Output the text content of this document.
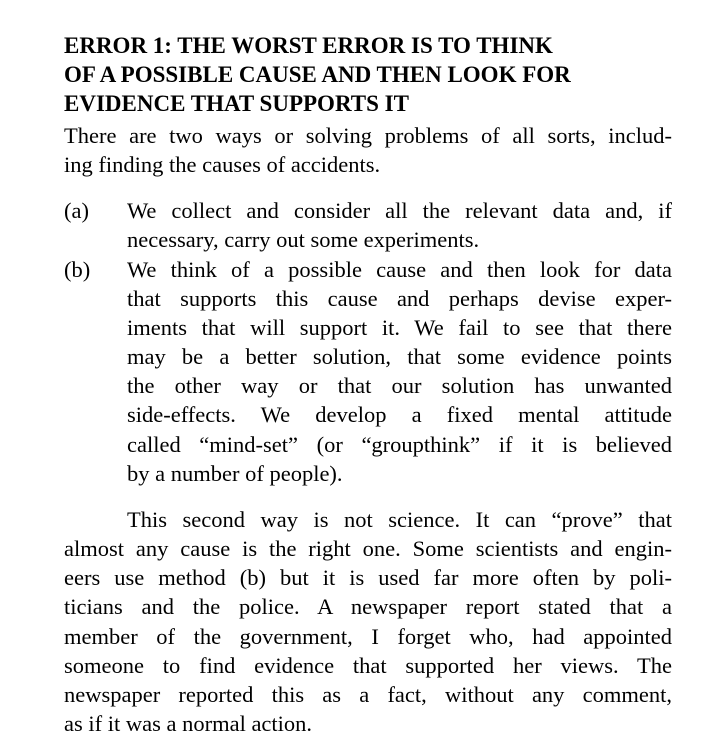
ERROR 1: THE WORST ERROR IS TO THINK
OF A POSSIBLE CAUSE AND THEN LOOK FOR
EVIDENCE THAT SUPPORTS IT
There are two ways or solving problems of all sorts, includ-
ing finding the causes of accidents.
(a) We collect and consider all the relevant data and, if
necessary, carry out some experiments.
(b) We think of a possible cause and then look for data
that supports this cause and perhaps devise exper-
iments that will support it. We fail to see that there
may be a better solution, that some evidence points
the other way or that our solution has unwanted
side-effects. We develop a fixed mental attitude
called “mind-set” (or “groupthink” if it is believed
by a number of people).
This second way is not science. It can “prove” that
almost any cause is the right one. Some scientists and engin-
eers use method (b) but it is used far more often by poli-
ticians and the police. A newspaper report stated that a
member of the government, I forget who, had appointed
someone to find evidence that supported her views. The
newspaper reported this as a fact, without any comment,
as if it was a normal action.
